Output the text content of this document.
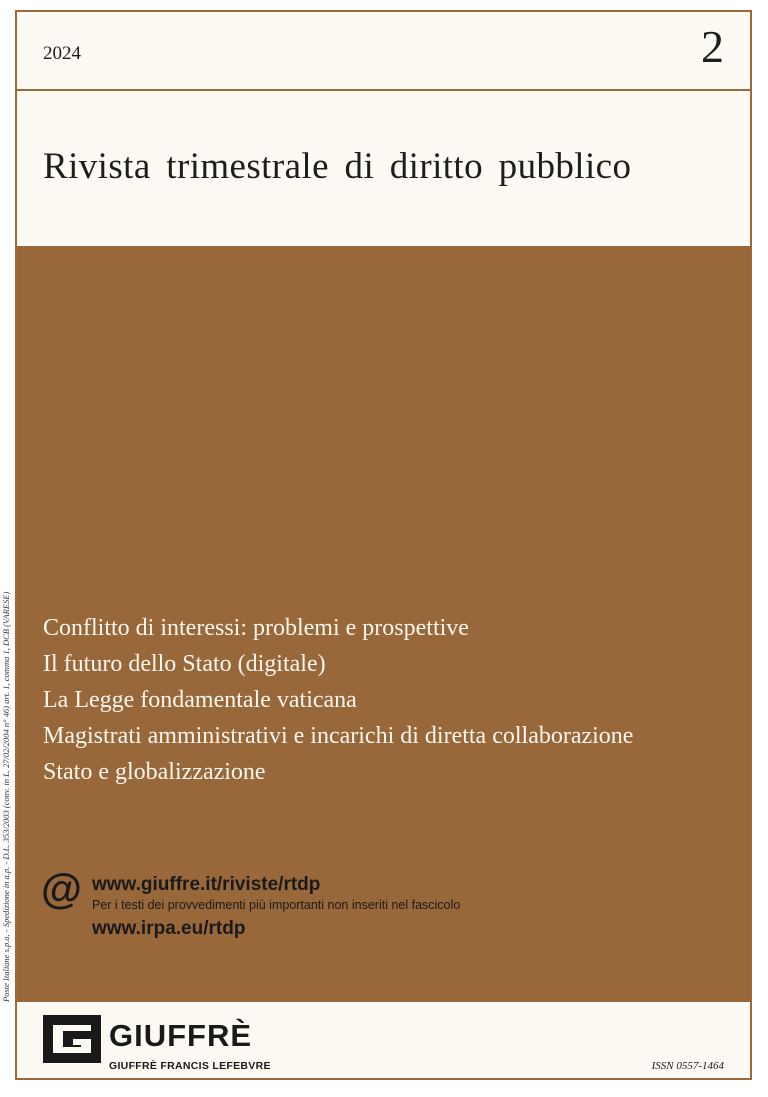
Poste Italiane s.p.a. - Spedizione in a.p. - D.L. 353/2003 (conv. in L. 27/02/2004 n° 46) art. 1, comma 1, DCB (VARESE)
2024	2
Rivista trimestrale di diritto pubblico
Conflitto di interessi: problemi e prospettive
Il futuro dello Stato (digitale)
La Legge fondamentale vaticana
Magistrati amministrativi e incarichi di diretta collaborazione
Stato e globalizzazione
@ www.giuffre.it/riviste/rtdp
Per i testi dei provvedimenti più importanti non inseriti nel fascicolo
www.irpa.eu/rtdp
GIUFFRÈ
GIUFFRÈ FRANCIS LEFEBVRE	ISSN 0557-1464
